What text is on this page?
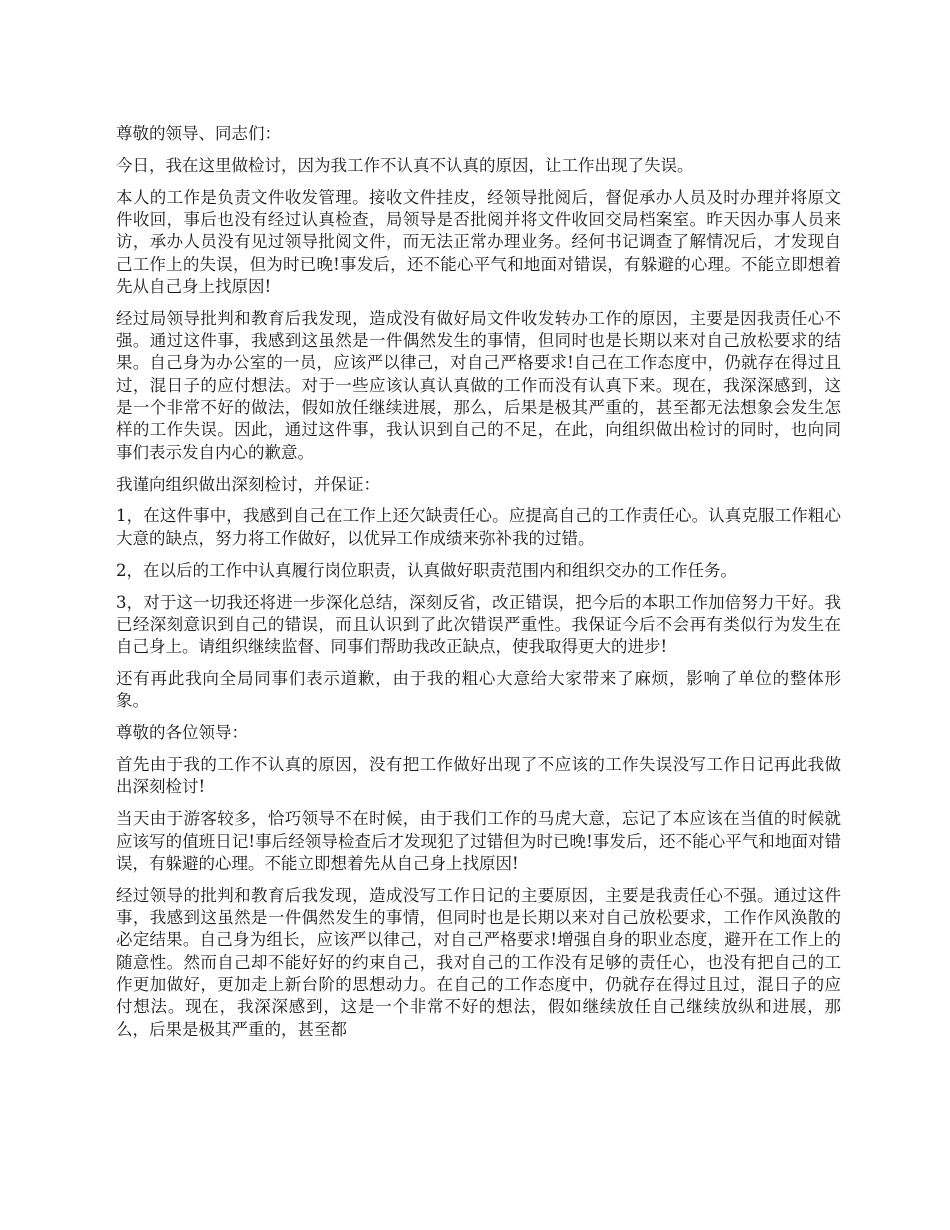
尊敬的领导、同志们：

今日，我在这里做检讨，因为我工作不认真不认真的原因，让工作出现了失误。

本人的工作是负责文件收发管理。接收文件挂皮，经领导批阅后，督促承办人员及时办理并将原文件收回，事后也没有经过认真检查，局领导是否批阅并将文件收回交局档案室。昨天因办事人员来访，承办人员没有见过领导批阅文件，而无法正常办理业务。经何书记调查了解情况后，才发现自己工作上的失误，但为时已晚!事发后，还不能心平气和地面对错误，有躲避的心理。不能立即想着先从自己身上找原因!

经过局领导批判和教育后我发现，造成没有做好局文件收发转办工作的原因，主要是因我责任心不强。通过这件事，我感到这虽然是一件偶然发生的事情，但同时也是长期以来对自己放松要求的结果。自己身为办公室的一员，应该严以律己，对自己严格要求!自己在工作态度中，仍就存在得过且过，混日子的应付想法。对于一些应该认真认真做的工作而没有认真下来。现在，我深深感到，这是一个非常不好的做法，假如放任继续进展，那么，后果是极其严重的，甚至都无法想象会发生怎样的工作失误。因此，通过这件事，我认识到自己的不足，在此，向组织做出检讨的同时，也向同事们表示发自内心的歉意。

我谨向组织做出深刻检讨，并保证：

1，在这件事中，我感到自己在工作上还欠缺责任心。应提高自己的工作责任心。认真克服工作粗心大意的缺点，努力将工作做好，以优异工作成绩来弥补我的过错。

2，在以后的工作中认真履行岗位职责，认真做好职责范围内和组织交办的工作任务。

3，对于这一切我还将进一步深化总结，深刻反省，改正错误，把今后的本职工作加倍努力干好。我已经深刻意识到自己的错误，而且认识到了此次错误严重性。我保证今后不会再有类似行为发生在自己身上。请组织继续监督、同事们帮助我改正缺点，使我取得更大的进步!

还有再此我向全局同事们表示道歉，由于我的粗心大意给大家带来了麻烦，影响了单位的整体形象。

尊敬的各位领导：

首先由于我的工作不认真的原因，没有把工作做好出现了不应该的工作失误没写工作日记再此我做出深刻检讨!

当天由于游客较多，恰巧领导不在时候，由于我们工作的马虎大意，忘记了本应该在当值的时候就应该写的值班日记!事后经领导检查后才发现犯了过错但为时已晚!事发后，还不能心平气和地面对错误，有躲避的心理。不能立即想着先从自己身上找原因!

经过领导的批判和教育后我发现，造成没写工作日记的主要原因，主要是我责任心不强。通过这件事，我感到这虽然是一件偶然发生的事情，但同时也是长期以来对自己放松要求，工作作风涣散的必定结果。自己身为组长，应该严以律己，对自己严格要求!增强自身的职业态度，避开在工作上的随意性。然而自己却不能好好的约束自己，我对自己的工作没有足够的责任心，也没有把自己的工作更加做好，更加走上新台阶的思想动力。在自己的工作态度中，仍就存在得过且过，混日子的应付想法。现在，我深深感到，这是一个非常不好的想法，假如继续放任自己继续放纵和进展，那么，后果是极其严重的，甚至都
